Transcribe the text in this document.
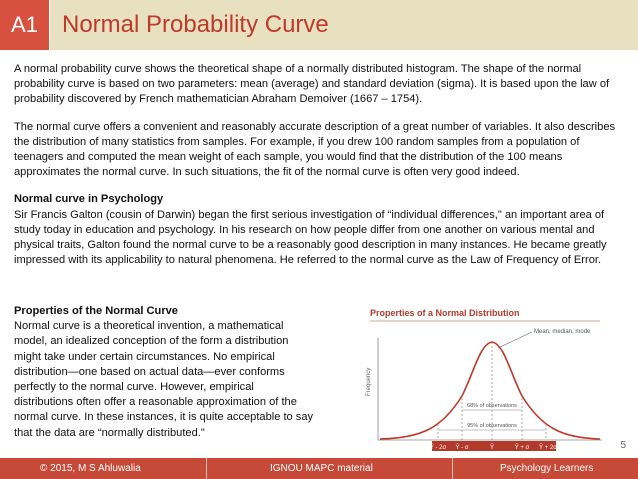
A1	Normal Probability Curve

A normal probability curve shows the theoretical shape of a normally distributed histogram. The shape of the normal probability curve is based on two parameters: mean (average) and standard deviation (sigma). It is based upon the law of probability discovered by French mathematician Abraham Demoiver (1667 – 1754).

The normal curve offers a convenient and reasonably accurate description of a great number of variables. It also describes the distribution of many statistics from samples. For example, if you drew 100 random samples from a population of teenagers and computed the mean weight of each sample, you would find that the distribution of the 100 means approximates the normal curve. In such situations, the fit of the normal curve is often very good indeed.

Normal curve in Psychology
Sir Francis Galton (cousin of Darwin) began the first serious investigation of “individual differences," an important area of study today in education and psychology. In his research on how people differ from one another on various mental and physical traits, Galton found the normal curve to be a reasonably good description in many instances. He became greatly impressed with its applicability to natural phenomena. He referred to the normal curve as the Law of Frequency of Error.

Properties of the Normal Curve

Normal curve is a theoretical invention, a mathematical model, an idealized conception of the form a distribution might take under certain circumstances. No empirical distribution—one based on actual data—ever conforms perfectly to the normal curve. However, empirical distributions often offer a reasonable approximation of the normal curve. In these instances, it is quite acceptable to say that the data are “normally distributed."

Properties of a Normal Distribution
Frequency
Mean, median, mode
68% of observations
95% of observations
Ȳ - 2σ Ȳ - σ	Ȳ	Ȳ + σ Ȳ + 2σ	5
© 2015, M S Ahluwalia	IGNOU MAPC material	Psychology Learners
